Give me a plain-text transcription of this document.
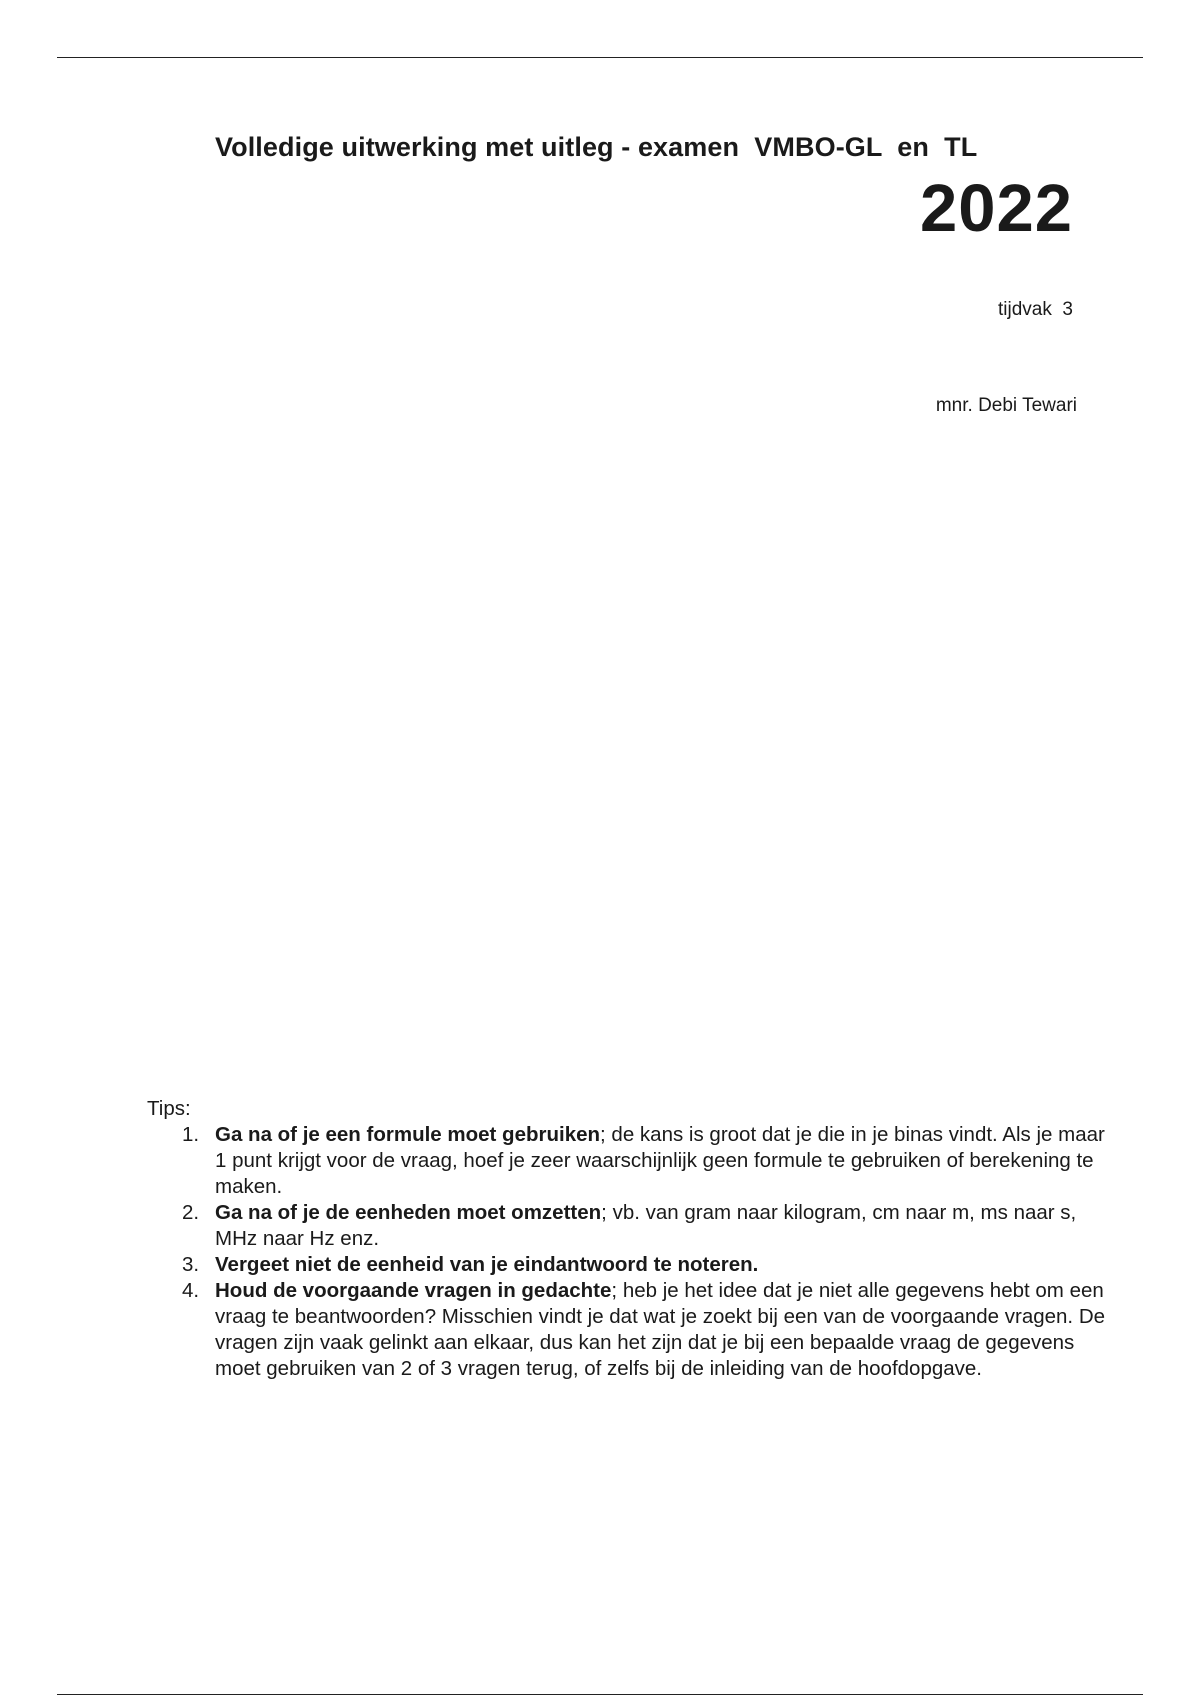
Volledige uitwerking met uitleg - examen  VMBO-GL  en  TL
2022
tijdvak  3
mnr. Debi Tewari
Tips:
1. Ga na of je een formule moet gebruiken; de kans is groot dat je die in je binas vindt. Als je maar 1 punt krijgt voor de vraag, hoef je zeer waarschijnlijk geen formule te gebruiken of berekening te maken.
2. Ga na of je de eenheden moet omzetten; vb. van gram naar kilogram, cm naar m, ms naar s, MHz naar Hz enz.
3. Vergeet niet de eenheid van je eindantwoord te noteren.
4. Houd de voorgaande vragen in gedachte; heb je het idee dat je niet alle gegevens hebt om een vraag te beantwoorden? Misschien vindt je dat wat je zoekt bij een van de voorgaande vragen. De vragen zijn vaak gelinkt aan elkaar, dus kan het zijn dat je bij een bepaalde vraag de gegevens moet gebruiken van 2 of 3 vragen terug, of zelfs bij de inleiding van de hoofdopgave.
